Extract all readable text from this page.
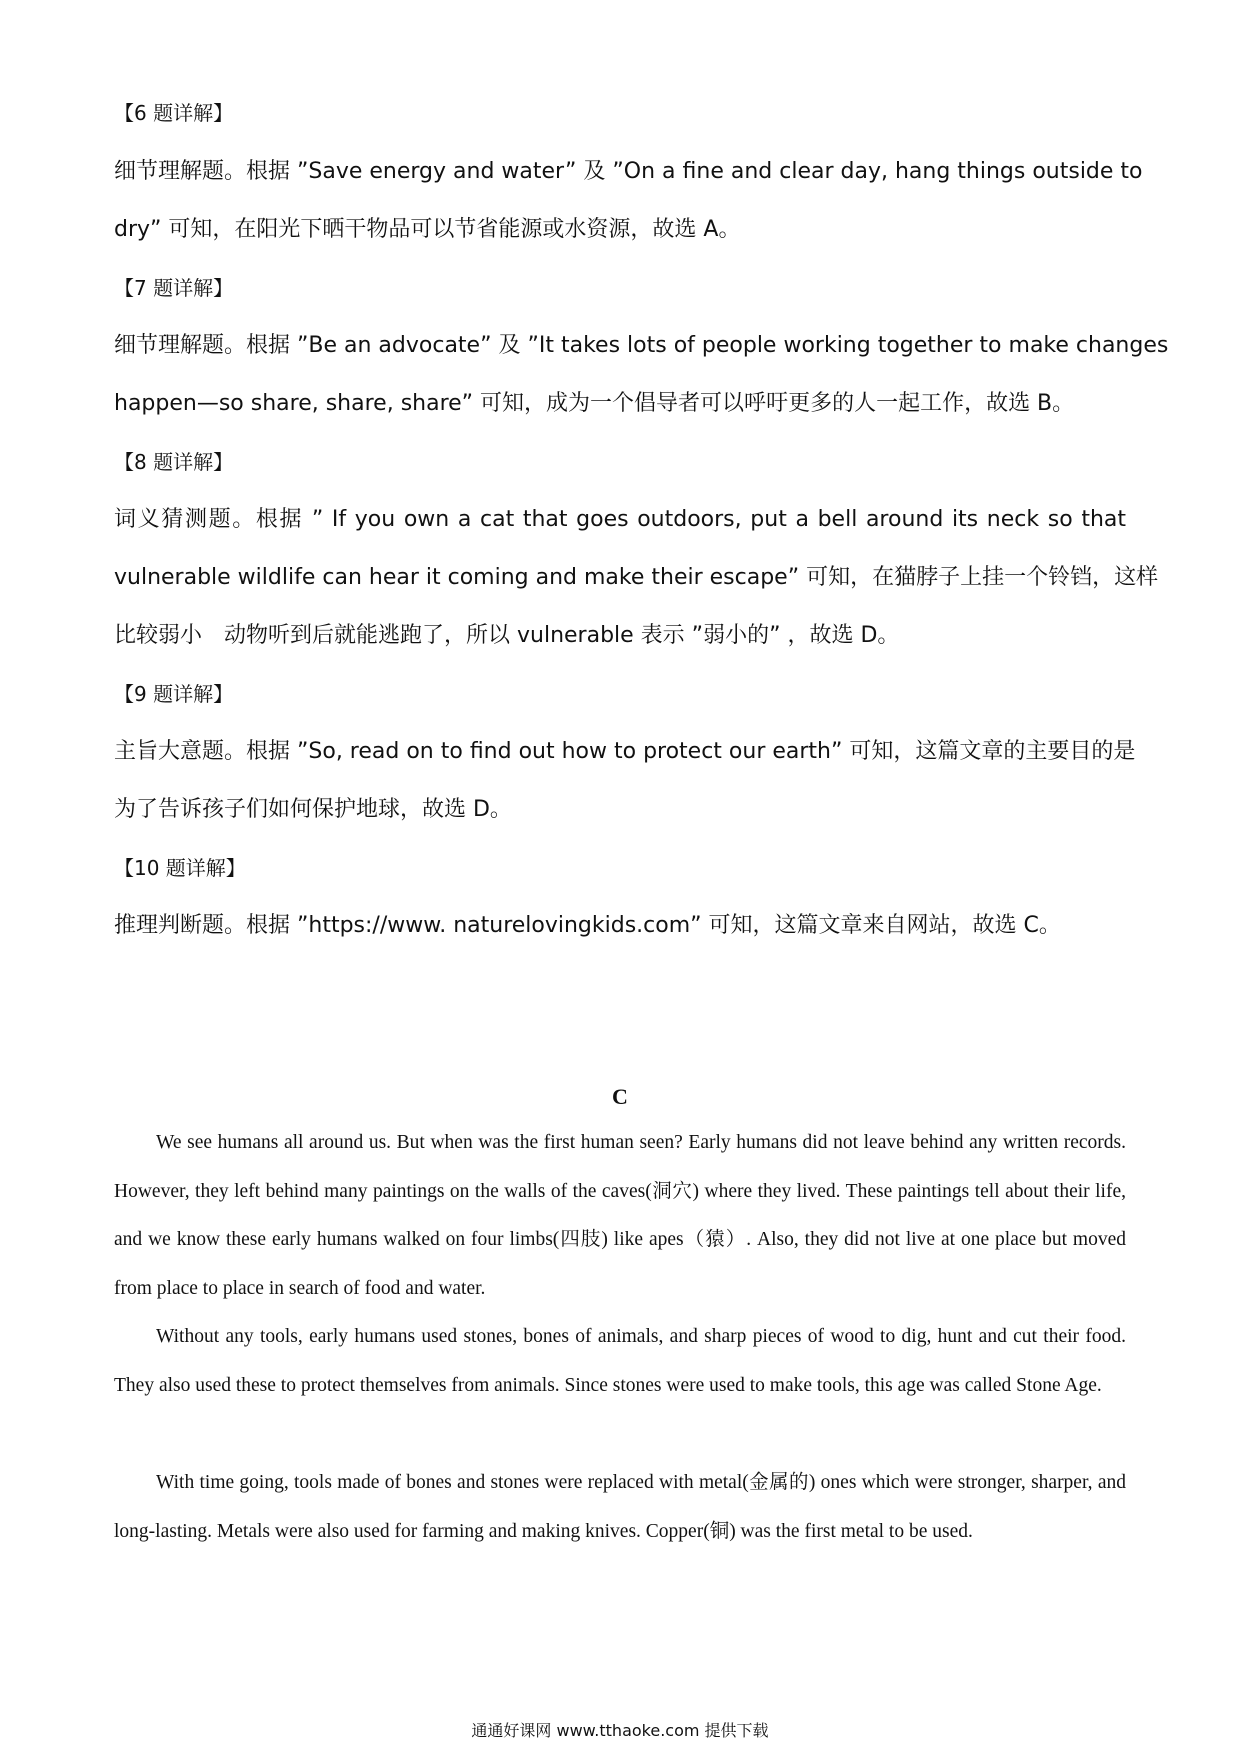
【6 题详解】
细节理解题。根据 ”Save energy and water” 及 ”On a fine and clear day, hang things outside to
dry” 可知，在阳光下晒干物品可以节省能源或水资源，故选 A。
【7 题详解】
细节理解题。根据 ”Be an advocate” 及 ”It takes lots of people working together to make changes
happen—so share, share, share” 可知，成为一个倡导者可以呼吁更多的人一起工作，故选 B。
【8 题详解】
词义猜测题。根据 ” If you own a cat that goes outdoors, put a bell around its neck so that
vulnerable wildlife can hear it coming and make their escape” 可知，在猫脖子上挂一个铃铛，这样
比较弱小　动物听到后就能逃跑了，所以 vulnerable 表示 ”弱小的” ，故选 D。
【9 题详解】
主旨大意题。根据 ”So, read on to find out how to protect our earth” 可知，这篇文章的主要目的是
为了告诉孩子们如何保护地球，故选 D。
【10 题详解】
推理判断题。根据 ”https://www. naturelovingkids.com” 可知，这篇文章来自网站，故选 C。
C

We see humans all around us. But when was the first human seen? Early humans did not leave behind any written records. However, they left behind many paintings on the walls of the caves(洞穴) where they lived. These paintings tell about their life, and we know these early humans walked on four limbs(四肢) like apes（猿）. Also, they did not live at one place but moved from place to place in search of food and water.

Without any tools, early humans used stones, bones of animals, and sharp pieces of wood to dig, hunt and cut their food. They also used these to protect themselves from animals. Since stones were used to make tools, this age was called Stone Age.

With time going, tools made of bones and stones were replaced with metal(金属的) ones which were stronger, sharper, and long-lasting. Metals were also used for farming and making knives. Copper(铜) was the first metal to be used.

通通好课网 www.tthaoke.com 提供下载
